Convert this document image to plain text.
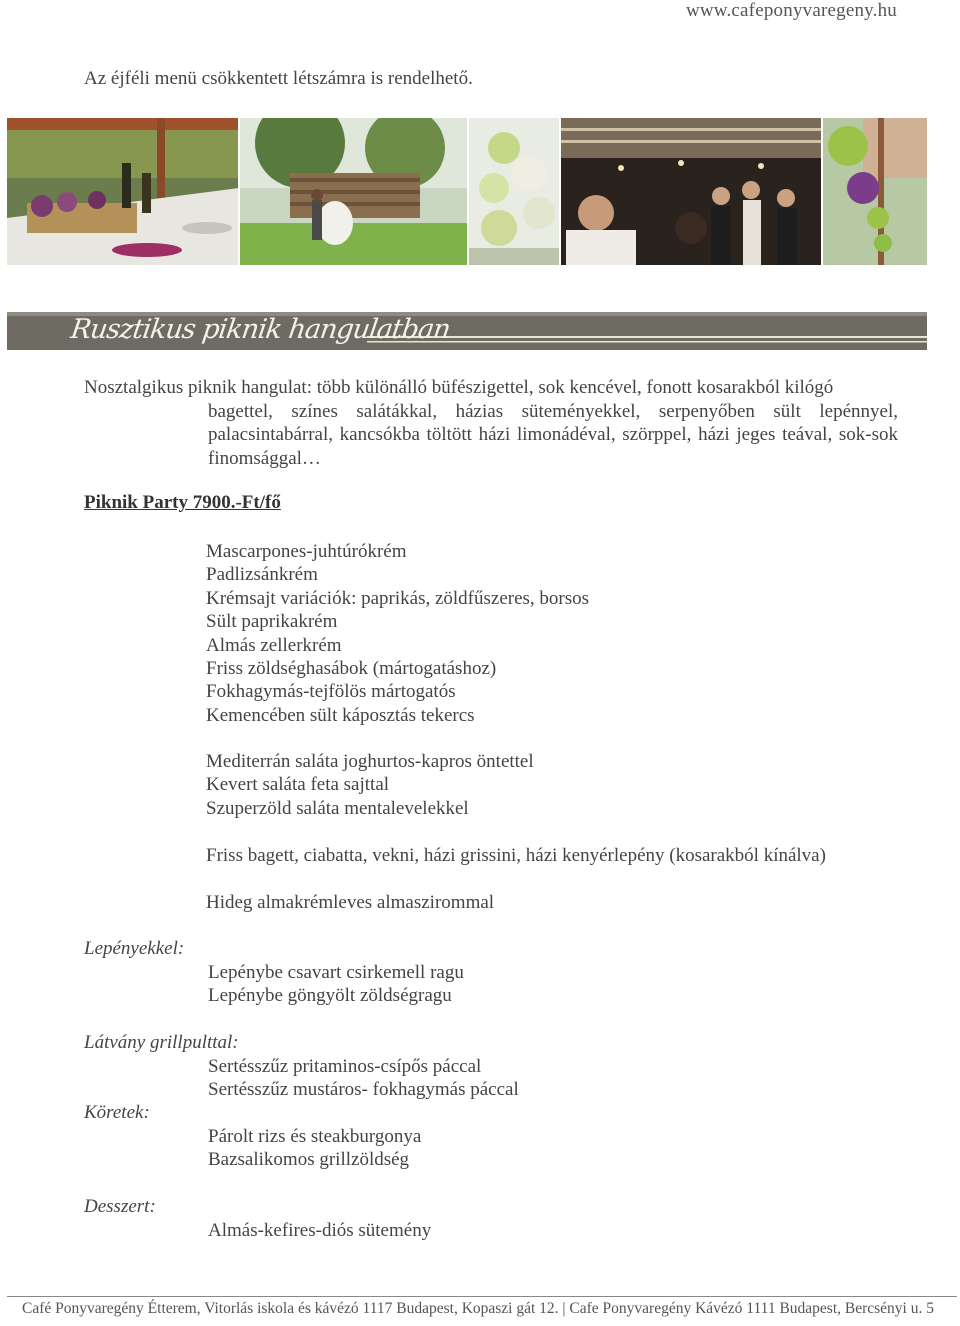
www.cafeponyvaregeny.hu
Az éjféli menü csökkentett létszámra is rendelhető.
Rusztikus piknik hangulatban
Nosztalgikus piknik hangulat: több különálló büfészigettel, sok kencével, fonott kosarakból kilógó
bagettel, színes salátákkal, házias süteményekkel, serpenyőben sült lepénnyel, palacsintabárral, kancsókba töltött házi limonádéval, szörppel, házi jeges teával, sok-sok finomsággal…
Piknik Party 7900.-Ft/fő
Mascarpones-juhtúrókrém
Padlizsánkrém
Krémsajt variációk: paprikás, zöldfűszeres, borsos
Sült paprikakrém
Almás zellerkrém
Friss zöldséghasábok (mártogatáshoz)
Fokhagymás-tejfölös mártogatós
Kemencében sült káposztás tekercs
Mediterrán saláta joghurtos-kapros öntettel
Kevert saláta feta sajttal
Szuperzöld saláta mentalevelekkel
Friss bagett, ciabatta, vekni, házi grissini, házi kenyérlepény (kosarakból kínálva)
Hideg almakrémleves almaszirommal
Lepényekkel:
Lepénybe csavart csirkemell ragu
Lepénybe göngyölt zöldségragu
Látvány grillpulttal:
Sertésszűz pritaminos-csípős páccal
Sertésszűz mustáros- fokhagymás páccal
Köretek:
Párolt rizs és steakburgonya
Bazsalikomos grillzöldség
Desszert:
Almás-kefires-diós sütemény
Café Ponyvaregény Étterem, Vitorlás iskola és kávézó 1117 Budapest, Kopaszi gát 12. | Cafe Ponyvaregény Kávézó 1111 Budapest, Bercsényi u. 5
